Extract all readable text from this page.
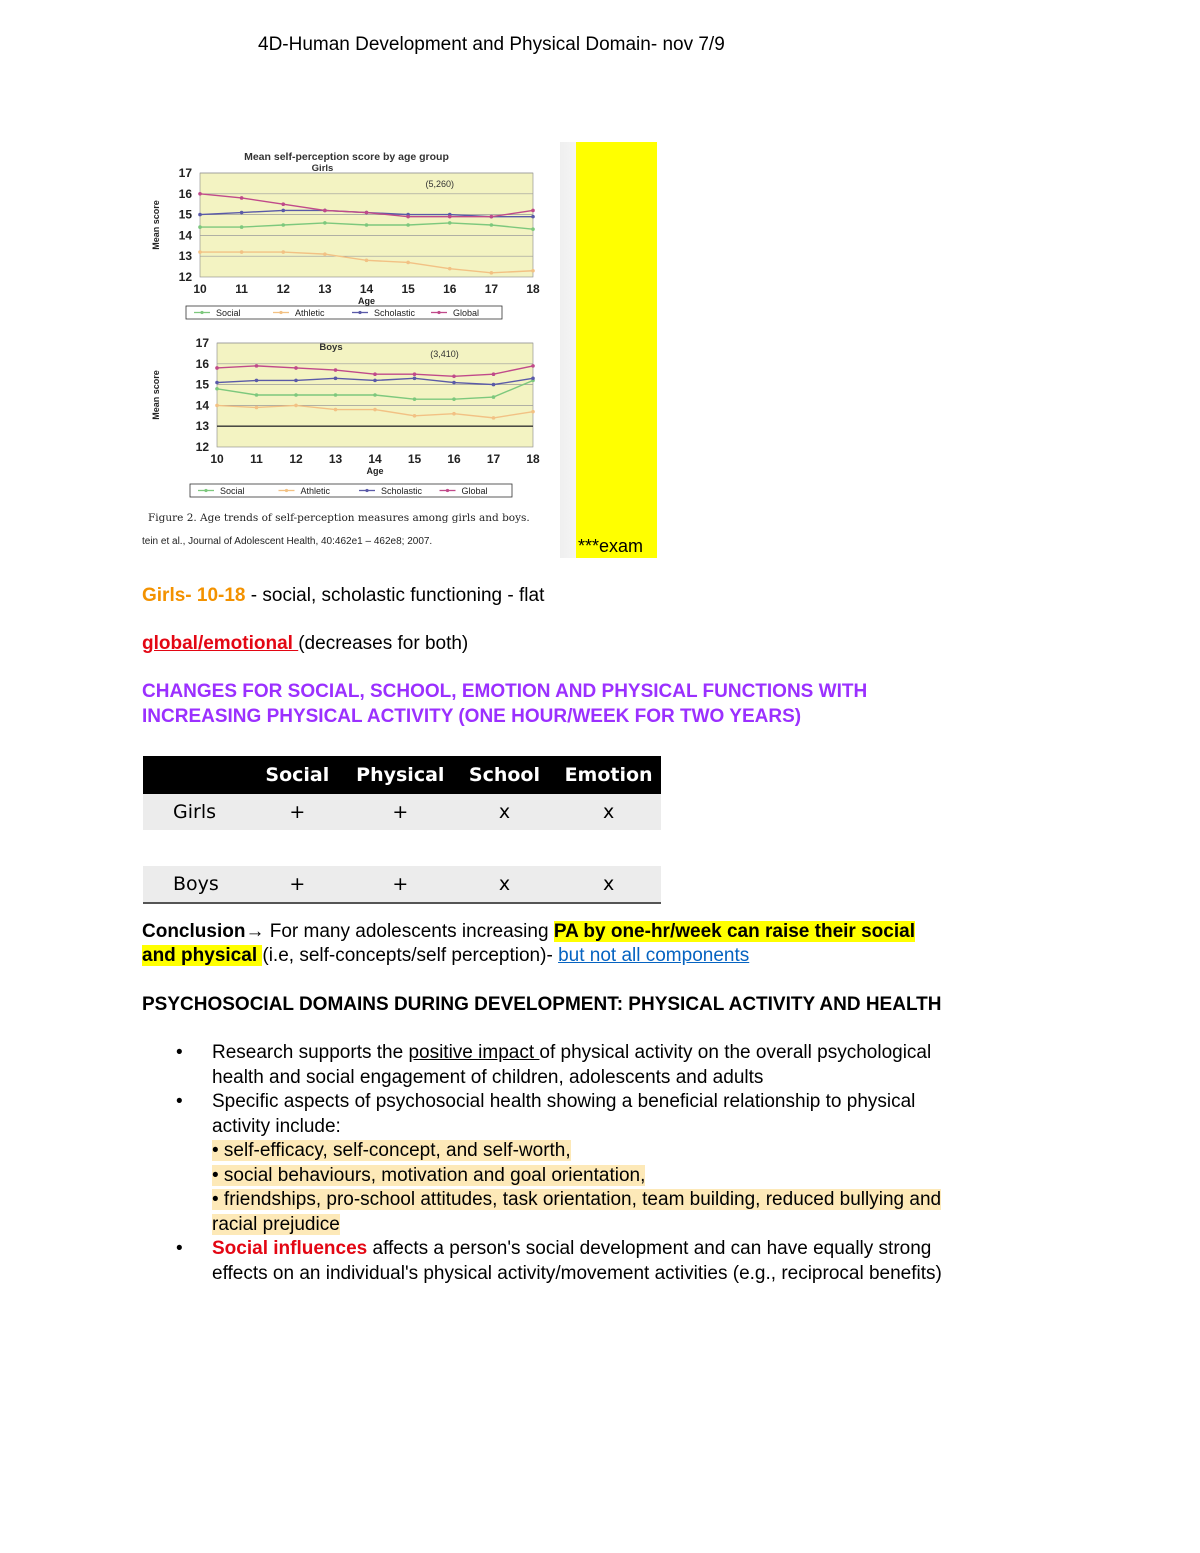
4D-Human Development and Physical Domain- nov 7/9
12
13
14
15
16
17
10 11 12 13 14 15 16 17 18
Age
Mean score
Mean self-perception score by age group
Girls
(5,260)
Social	Athletic	Scholastic	Global
12
13
14
15
16
17
10 11 12 13 14 15 16 17 18
Age
Mean score
Boys
(3,410)
Social	Athletic	Scholastic	Global
Figure 2. Age trends of self-perception measures among girls and boys.
tein et al., Journal of Adolescent Health, 40:462e1 – 462e8; 2007.	***exam
Girls- 10-18 - social, scholastic functioning - flat
global/emotional (decreases for both)
CHANGES FOR SOCIAL, SCHOOL, EMOTION AND PHYSICAL FUNCTIONS WITH
INCREASING PHYSICAL ACTIVITY (ONE HOUR/WEEK FOR TWO YEARS)
	Social	Physical	School	Emotion
Girls	+	+	x	x

Boys	+	+	x	x
Conclusion→ For many adolescents increasing PA by one-hr/week can raise their social
and physical (i.e, self-concepts/self perception)- but not all components
PSYCHOSOCIAL DOMAINS DURING DEVELOPMENT: PHYSICAL ACTIVITY AND HEALTH
• Research supports the positive impact of physical activity on the overall psychological
health and social engagement of children, adolescents and adults
• Specific aspects of psychosocial health showing a beneficial relationship to physical
activity include:
• self-efficacy, self-concept, and self-worth,
• social behaviours, motivation and goal orientation,
• friendships, pro-school attitudes, task orientation, team building, reduced bullying and
racial prejudice
• Social influences affects a person's social development and can have equally strong
effects on an individual's physical activity/movement activities (e.g., reciprocal benefits)
